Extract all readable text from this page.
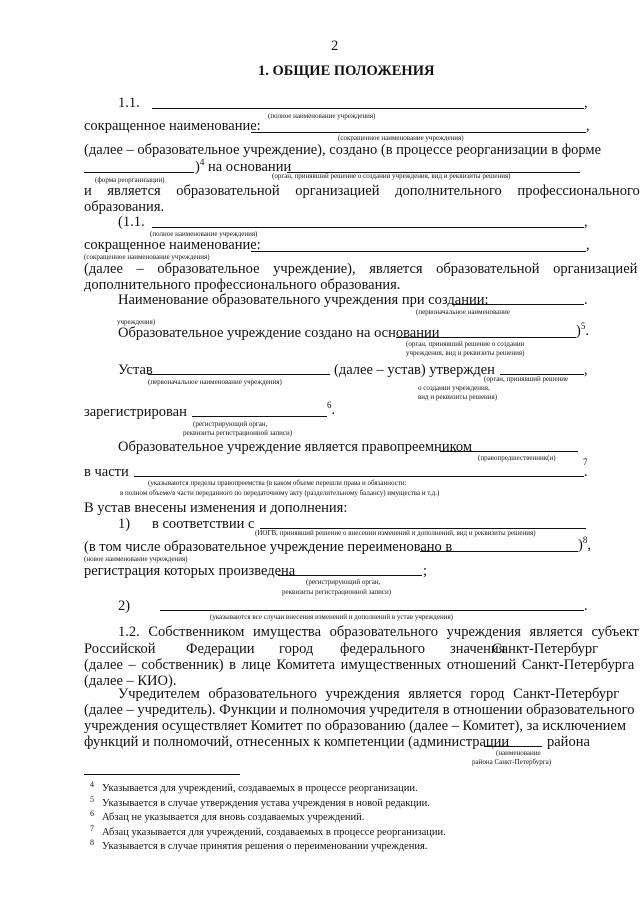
2
1. ОБЩИЕ ПОЛОЖЕНИЯ
1.1.	,
(полное наименование учреждения)
сокращенное наименование:	,
(сокращенное наименование учреждения)
(далее – образовательное учреждение), создано (в процессе реорганизации в форме
)$^4$ на основании
(форма реорганизации)	(орган, принявший решение о создании учреждения, вид и реквизиты решения)
и является образовательной организацией дополнительного профессионального
образования.
(1.1.	,
(полное наименование учреждения)
сокращенное наименование:	,
(сокращенное наименование учреждения)
(далее – образовательное учреждение), является образовательной организацией
дополнительного профессионального образования.
Наименование образовательного учреждения при создании:	.
(первоначальное наименование
учреждения)
Образовательное учреждение создано на основании	)$^5$.
(орган, принявший решение о создании
учреждения, вид и реквизиты решения)
Устав	(далее – устав) утвержден	,
(первоначальное наименование учреждения)	(орган, принявший решение
о создании учреждения,
вид и реквизиты решения)
зарегистрирован	$^6$.
(регистрирующий орган,
реквизиты регистрационной записи)
Образовательное учреждение является правопреемником
(правопредшественник(и)	7
в части	.
(указываются пределы правопреемства (в каком объеме перешли права и обязанности:
в полном объеме/в части переданного по передаточному акту (разделительному балансу) имущества и т.д.)
В устав внесены изменения и дополнения:
1) в соответствии с
(ИОГВ, принявший решение о внесении изменений и дополнений, вид и реквизиты решения)
(в том числе образовательное учреждение переименовано в	)$^8$,
(новое наименование учреждения)
регистрация которых произведена	;
(регистрирующий орган,
реквизиты регистрационной записи)
2)	.
(указываются все случаи внесения изменений и дополнений в устав учреждения)
1.2. Собственником имущества образовательного учреждения является субъект
Российской Федерации город федерального значения
Санкт-Петербург
(далее – собственник) в лице Комитета имущественных отношений Санкт-Петербурга
(далее – КИО).
Учредителем образовательного учреждения является город Санкт-Петербург
(далее – учредитель). Функции и полномочия учредителя в отношении образовательного
учреждения осуществляет Комитет по образованию (далее – Комитет), за исключением
функций и полномочий, отнесенных к компетенции (администрации	района
(наименование
района Санкт-Петербурга)
4 Указывается для учреждений, создаваемых в процессе реорганизации.
5 Указывается в случае утверждения устава учреждения в новой редакции.
6 Абзац не указывается для вновь создаваемых учреждений.
7 Абзац указывается для учреждений, создаваемых в процессе реорганизации.
8 Указывается в случае принятия решения о переименовании учреждения.
